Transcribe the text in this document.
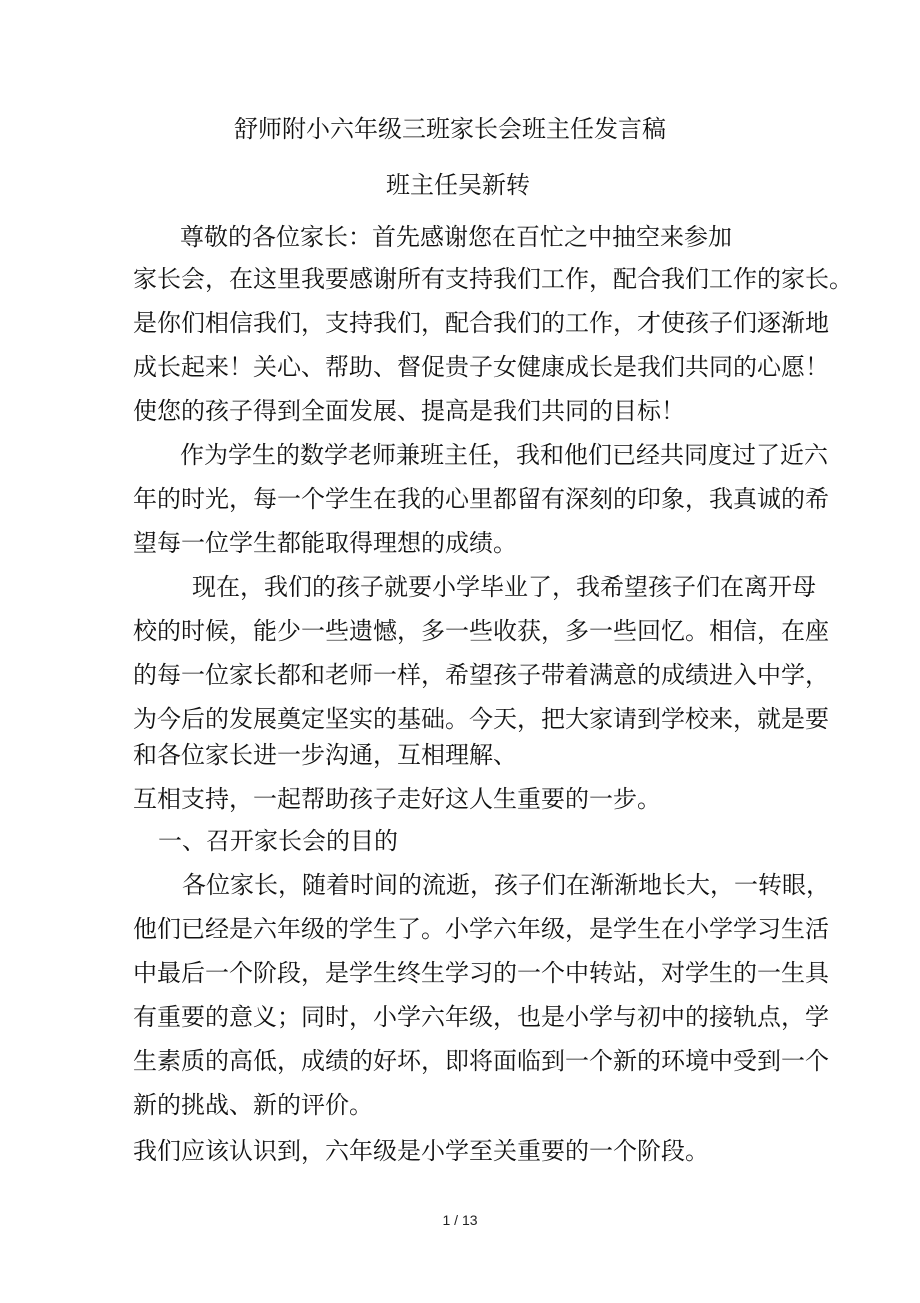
舒师附小六年级三班家长会班主任发言稿
班主任吴新转
尊敬的各位家长：首先感谢您在百忙之中抽空来参加
家长会，在这里我要感谢所有支持我们工作，配合我们工作的家长。
是你们相信我们，支持我们，配合我们的工作，才使孩子们逐渐地
成长起来！关心、帮助、督促贵子女健康成长是我们共同的心愿！
使您的孩子得到全面发展、提高是我们共同的目标！
作为学生的数学老师兼班主任，我和他们已经共同度过了近六
年的时光，每一个学生在我的心里都留有深刻的印象，我真诚的希
望每一位学生都能取得理想的成绩。
现在，我们的孩子就要小学毕业了，我希望孩子们在离开母
校的时候，能少一些遗憾，多一些收获，多一些回忆。相信，在座
的每一位家长都和老师一样，希望孩子带着满意的成绩进入中学，
为今后的发展奠定坚实的基础。今天，把大家请到学校来，就是要
和各位家长进一步沟通，互相理解、
互相支持，一起帮助孩子走好这人生重要的一步。
一、召开家长会的目的
各位家长，随着时间的流逝，孩子们在渐渐地长大，一转眼，
他们已经是六年级的学生了。小学六年级，是学生在小学学习生活
中最后一个阶段，是学生终生学习的一个中转站，对学生的一生具
有重要的意义；同时，小学六年级，也是小学与初中的接轨点，学
生素质的高低，成绩的好坏，即将面临到一个新的环境中受到一个
新的挑战、新的评价。
我们应该认识到，六年级是小学至关重要的一个阶段。
1 / 13
